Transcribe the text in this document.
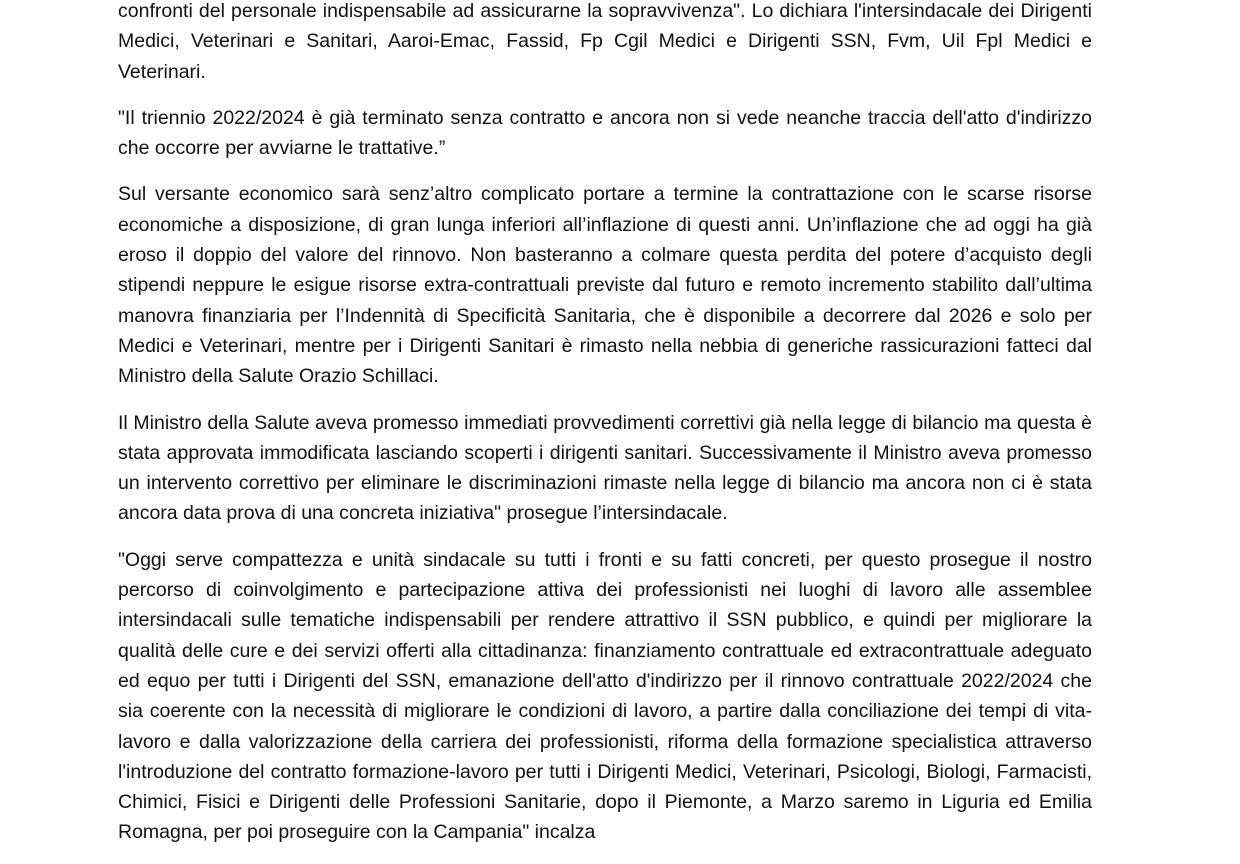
confronti del personale indispensabile ad assicurarne la sopravvivenza". Lo dichiara l'intersindacale dei Dirigenti Medici, Veterinari e Sanitari, Aaroi-Emac, Fassid, Fp Cgil Medici e Dirigenti SSN, Fvm, Uil Fpl Medici e Veterinari.

"Il triennio 2022/2024 è già terminato senza contratto e ancora non si vede neanche traccia dell'atto d'indirizzo che occorre per avviarne le trattative.”

Sul versante economico sarà senz’altro complicato portare a termine la contrattazione con le scarse risorse economiche a disposizione, di gran lunga inferiori all’inflazione di questi anni. Un’inflazione che ad oggi ha già eroso il doppio del valore del rinnovo. Non basteranno a colmare questa perdita del potere d’acquisto degli stipendi neppure le esigue risorse extra-contrattuali previste dal futuro e remoto incremento stabilito dall’ultima manovra finanziaria per l’Indennità di Specificità Sanitaria, che è disponibile a decorrere dal 2026 e solo per Medici e Veterinari, mentre per i Dirigenti Sanitari è rimasto nella nebbia di generiche rassicurazioni fatteci dal Ministro della Salute Orazio Schillaci.

Il Ministro della Salute aveva promesso immediati provvedimenti correttivi già nella legge di bilancio ma questa è stata approvata immodificata lasciando scoperti i dirigenti sanitari. Successivamente il Ministro aveva promesso un intervento correttivo per eliminare le discriminazioni rimaste nella legge di bilancio ma ancora non ci è stata ancora data prova di una concreta iniziativa" prosegue l’intersindacale.

"Oggi serve compattezza e unità sindacale su tutti i fronti e su fatti concreti, per questo prosegue il nostro percorso di coinvolgimento e partecipazione attiva dei professionisti nei luoghi di lavoro alle assemblee intersindacali sulle tematiche indispensabili per rendere attrattivo il SSN pubblico, e quindi per migliorare la qualità delle cure e dei servizi offerti alla cittadinanza: finanziamento contrattuale ed extracontrattuale adeguato ed equo per tutti i Dirigenti del SSN, emanazione dell'atto d'indirizzo per il rinnovo contrattuale 2022/2024 che sia coerente con la necessità di migliorare le condizioni di lavoro, a partire dalla conciliazione dei tempi di vita-lavoro e dalla valorizzazione della carriera dei professionisti, riforma della formazione specialistica attraverso l'introduzione del contratto formazione-lavoro per tutti i Dirigenti Medici, Veterinari, Psicologi, Biologi, Farmacisti, Chimici, Fisici e Dirigenti delle Professioni Sanitarie, dopo il Piemonte, a Marzo saremo in Liguria ed Emilia Romagna, per poi proseguire con la Campania" incalza
